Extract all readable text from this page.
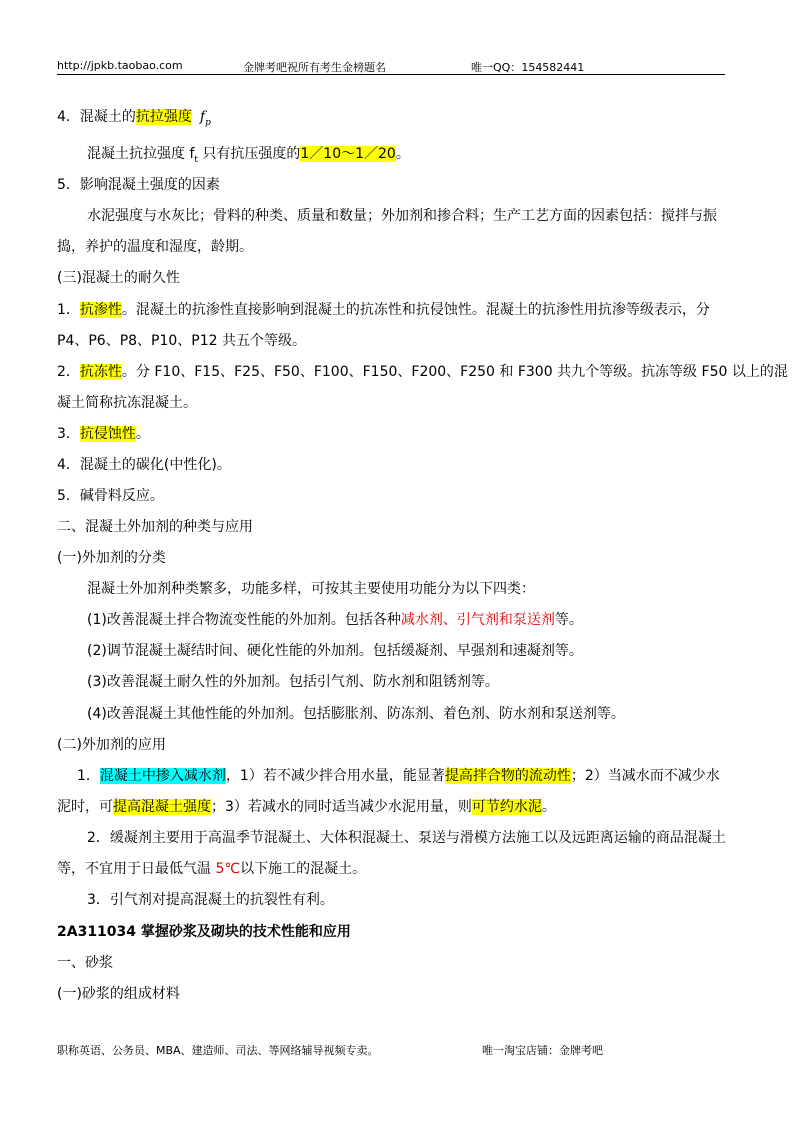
http://jpkb.taobao.com	金牌考吧祝所有考生金榜题名	唯一QQ：154582441
4．混凝土的抗拉强度 $f_p$
混凝土抗拉强度 $f_t$ 只有抗压强度的1／10～1／20。
5．影响混凝土强度的因素
水泥强度与水灰比；骨料的种类、质量和数量；外加剂和掺合料；生产工艺方面的因素包括：搅拌与振
捣，养护的温度和湿度，龄期。
(三)混凝土的耐久性
1．抗渗性。混凝土的抗渗性直接影响到混凝土的抗冻性和抗侵蚀性。混凝土的抗渗性用抗渗等级表示，分
P4、P6、P8、P10、P12 共五个等级。
2．抗冻性。分 F10、F15、F25、F50、F100、F150、F200、F250 和 F300 共九个等级。抗冻等级 F50 以上的混
凝土简称抗冻混凝土。
3．抗侵蚀性。
4．混凝土的碳化(中性化)。
5．碱骨料反应。
二、混凝土外加剂的种类与应用
(一)外加剂的分类
混凝土外加剂种类繁多，功能多样，可按其主要使用功能分为以下四类：
(1)改善混凝土拌合物流变性能的外加剂。包括各种减水剂、引气剂和泵送剂等。
(2)调节混凝土凝结时间、硬化性能的外加剂。包括缓凝剂、早强剂和速凝剂等。
(3)改善混凝土耐久性的外加剂。包括引气剂、防水剂和阻锈剂等。
(4)改善混凝土其他性能的外加剂。包括膨胀剂、防冻剂、着色剂、防水剂和泵送剂等。
(二)外加剂的应用
1．混凝土中掺入减水剂，1）若不减少拌合用水量，能显著提高拌合物的流动性；2）当减水而不减少水
泥时，可提高混凝土强度；3）若减水的同时适当减少水泥用量，则可节约水泥。
2．缓凝剂主要用于高温季节混凝土、大体积混凝土、泵送与滑模方法施工以及远距离运输的商品混凝土
等，不宜用于日最低气温 5℃以下施工的混凝土。
3．引气剂对提高混凝土的抗裂性有利。
2A311034 掌握砂浆及砌块的技术性能和应用
一、砂浆
(一)砂浆的组成材料
职称英语、公务员、MBA、建造师、司法、等网络辅导视频专卖。	唯一淘宝店铺：金牌考吧
